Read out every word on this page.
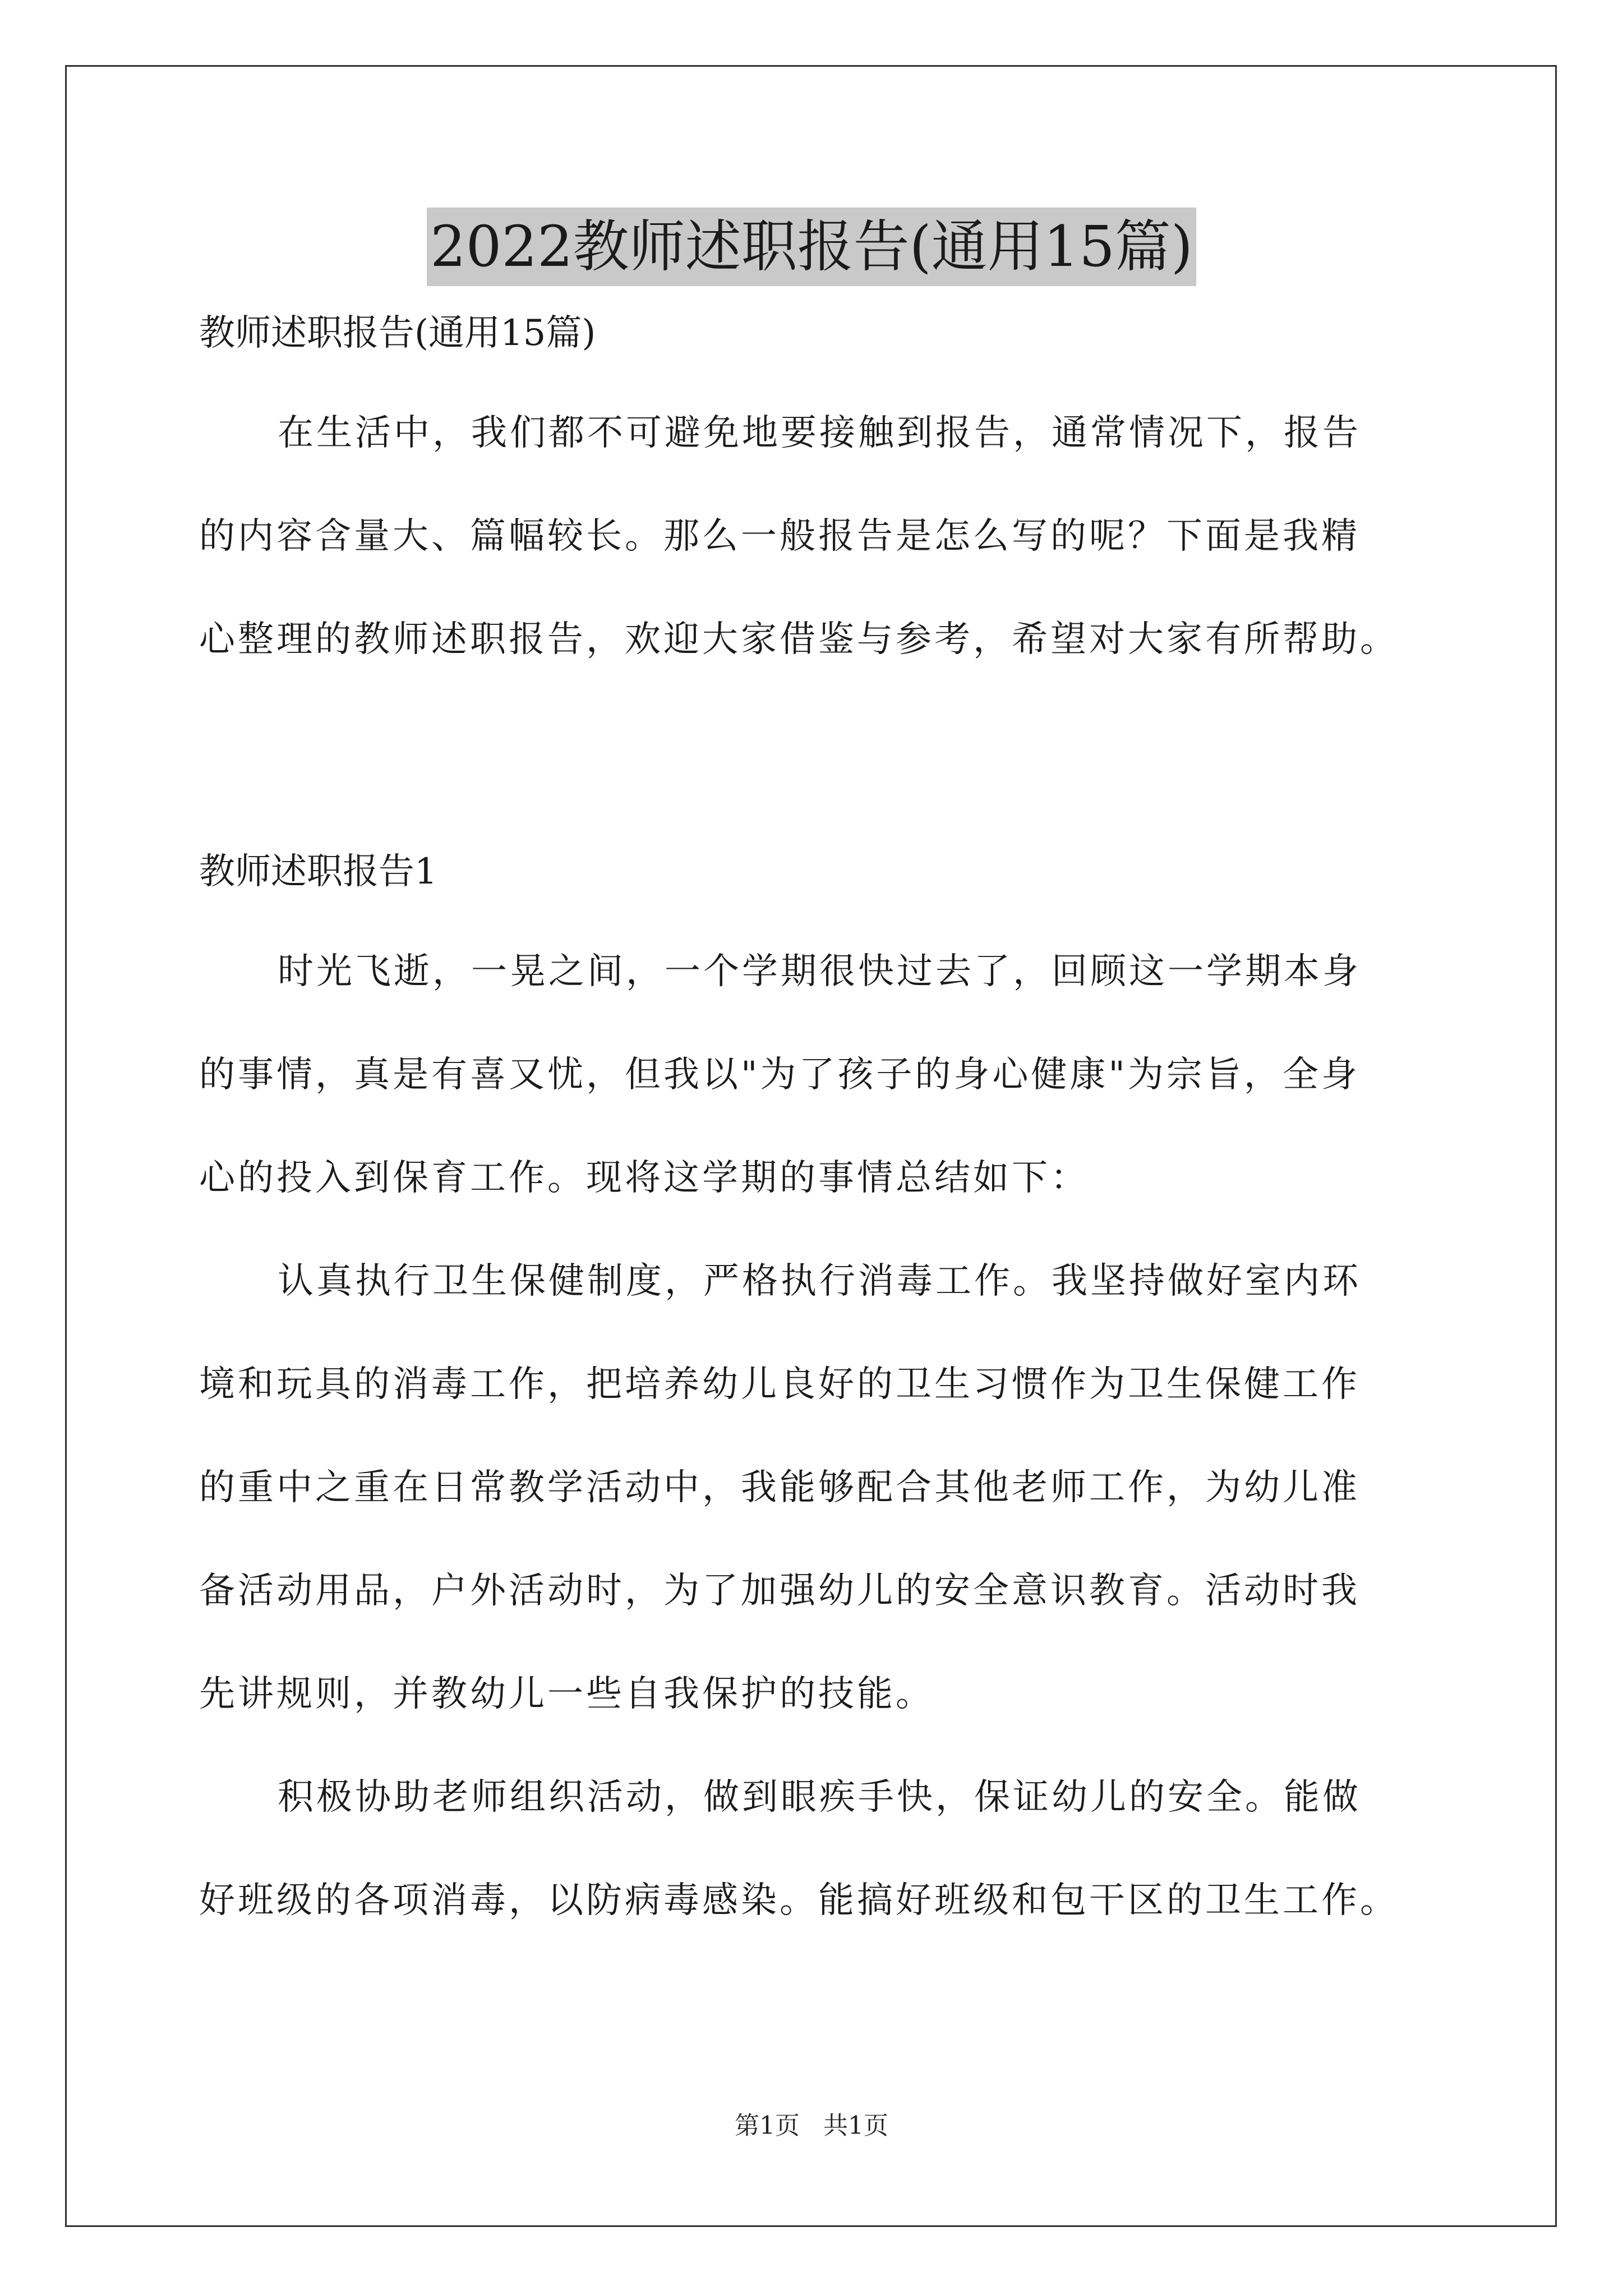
2022教师述职报告(通用15篇)

教师述职报告(通用15篇)

在生活中，我们都不可避免地要接触到报告，通常情况下，报告

的内容含量大、篇幅较长。那么一般报告是怎么写的呢？下面是我精

心整理的教师述职报告，欢迎大家借鉴与参考，希望对大家有所帮助。

教师述职报告1

时光飞逝，一晃之间，一个学期很快过去了，回顾这一学期本身

的事情，真是有喜又忧，但我以"为了孩子的身心健康"为宗旨，全身

心的投入到保育工作。现将这学期的事情总结如下：

认真执行卫生保健制度，严格执行消毒工作。我坚持做好室内环

境和玩具的消毒工作，把培养幼儿良好的卫生习惯作为卫生保健工作

的重中之重在日常教学活动中，我能够配合其他老师工作，为幼儿准

备活动用品，户外活动时，为了加强幼儿的安全意识教育。活动时我

先讲规则，并教幼儿一些自我保护的技能。

积极协助老师组织活动，做到眼疾手快，保证幼儿的安全。能做

好班级的各项消毒，以防病毒感染。能搞好班级和包干区的卫生工作。

第1页 共1页
